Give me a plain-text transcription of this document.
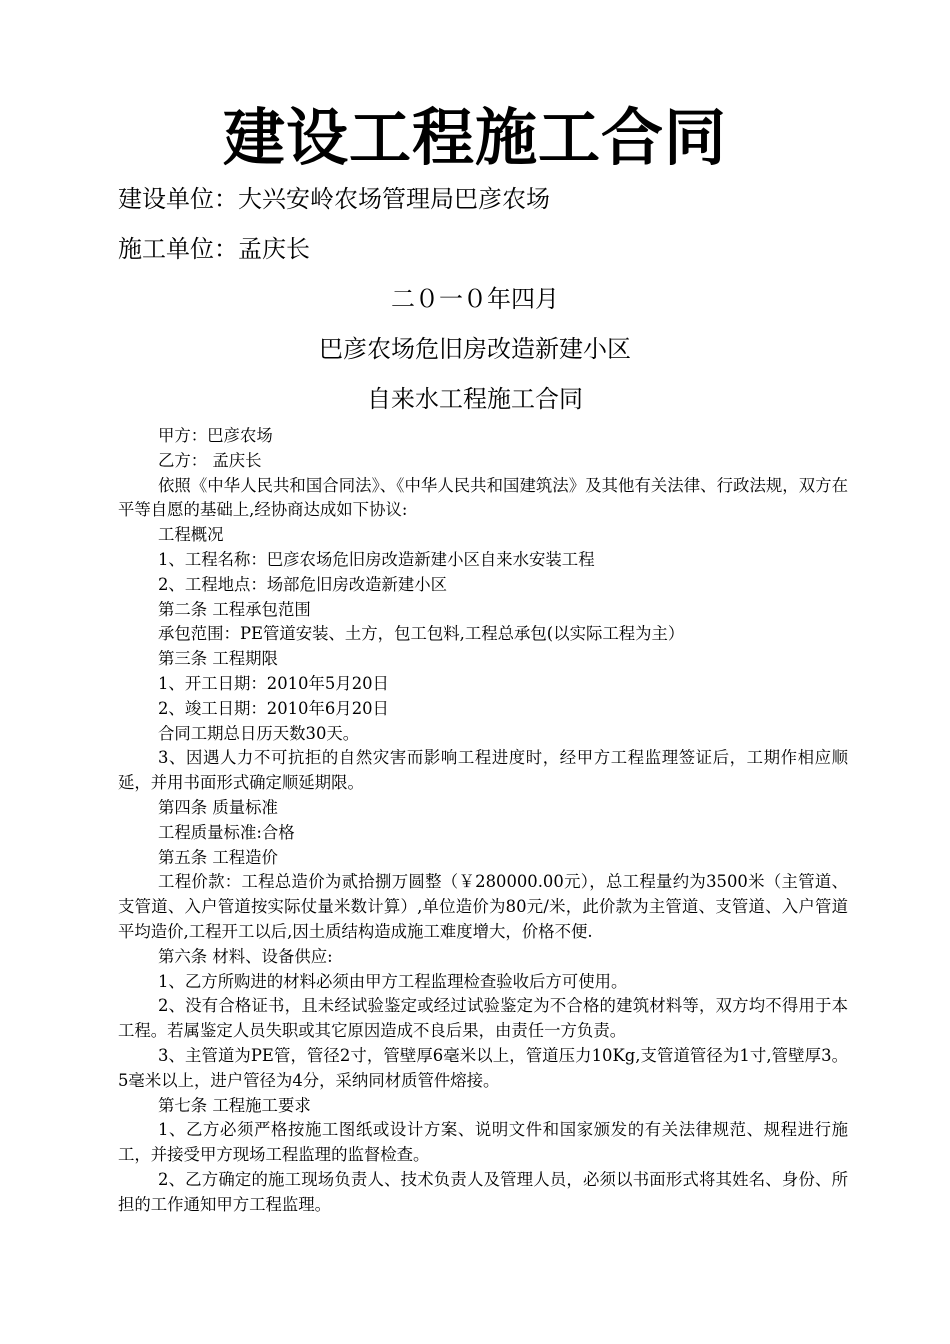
建设工程施工合同
建设单位：大兴安岭农场管理局巴彦农场
施工单位：孟庆长
二０一０年四月
巴彦农场危旧房改造新建小区
自来水工程施工合同

甲方：巴彦农场

乙方： 孟庆长

依照《中华人民共和国合同法》、《中华人民共和国建筑法》及其他有关法律、行政法规，双方在平等自愿的基础上,经协商达成如下协议:

工程概况

1、工程名称：巴彦农场危旧房改造新建小区自来水安装工程

2、工程地点：场部危旧房改造新建小区

第二条 工程承包范围

承包范围：PE管道安装、土方，包工包料,工程总承包(以实际工程为主）

第三条 工程期限

1、开工日期：2010年5月20日

2、竣工日期：2010年6月20日

合同工期总日历天数30天。

3、因遇人力不可抗拒的自然灾害而影响工程进度时，经甲方工程监理签证后，工期作相应顺延，并用书面形式确定顺延期限。

第四条 质量标准

工程质量标准:合格

第五条 工程造价

工程价款：工程总造价为贰拾捌万圆整（￥280000.00元），总工程量约为3500米（主管道、支管道、入户管道按实际仗量米数计算）,单位造价为80元/米，此价款为主管道、支管道、入户管道平均造价,工程开工以后,因土质结构造成施工难度增大，价格不便.

第六条 材料、设备供应:

1、乙方所购进的材料必须由甲方工程监理检查验收后方可使用。

2、没有合格证书，且未经试验鉴定或经过试验鉴定为不合格的建筑材料等，双方均不得用于本工程。若属鉴定人员失职或其它原因造成不良后果，由责任一方负责。

3、主管道为PE管，管径2寸，管壁厚6毫米以上，管道压力10Kg,支管道管径为1寸,管壁厚3。5毫米以上，进户管径为4分，采纳同材质管件熔接。

第七条 工程施工要求

1、乙方必须严格按施工图纸或设计方案、说明文件和国家颁发的有关法律规范、规程进行施工，并接受甲方现场工程监理的监督检查。

2、乙方确定的施工现场负责人、技术负责人及管理人员，必须以书面形式将其姓名、身份、所担的工作通知甲方工程监理。
